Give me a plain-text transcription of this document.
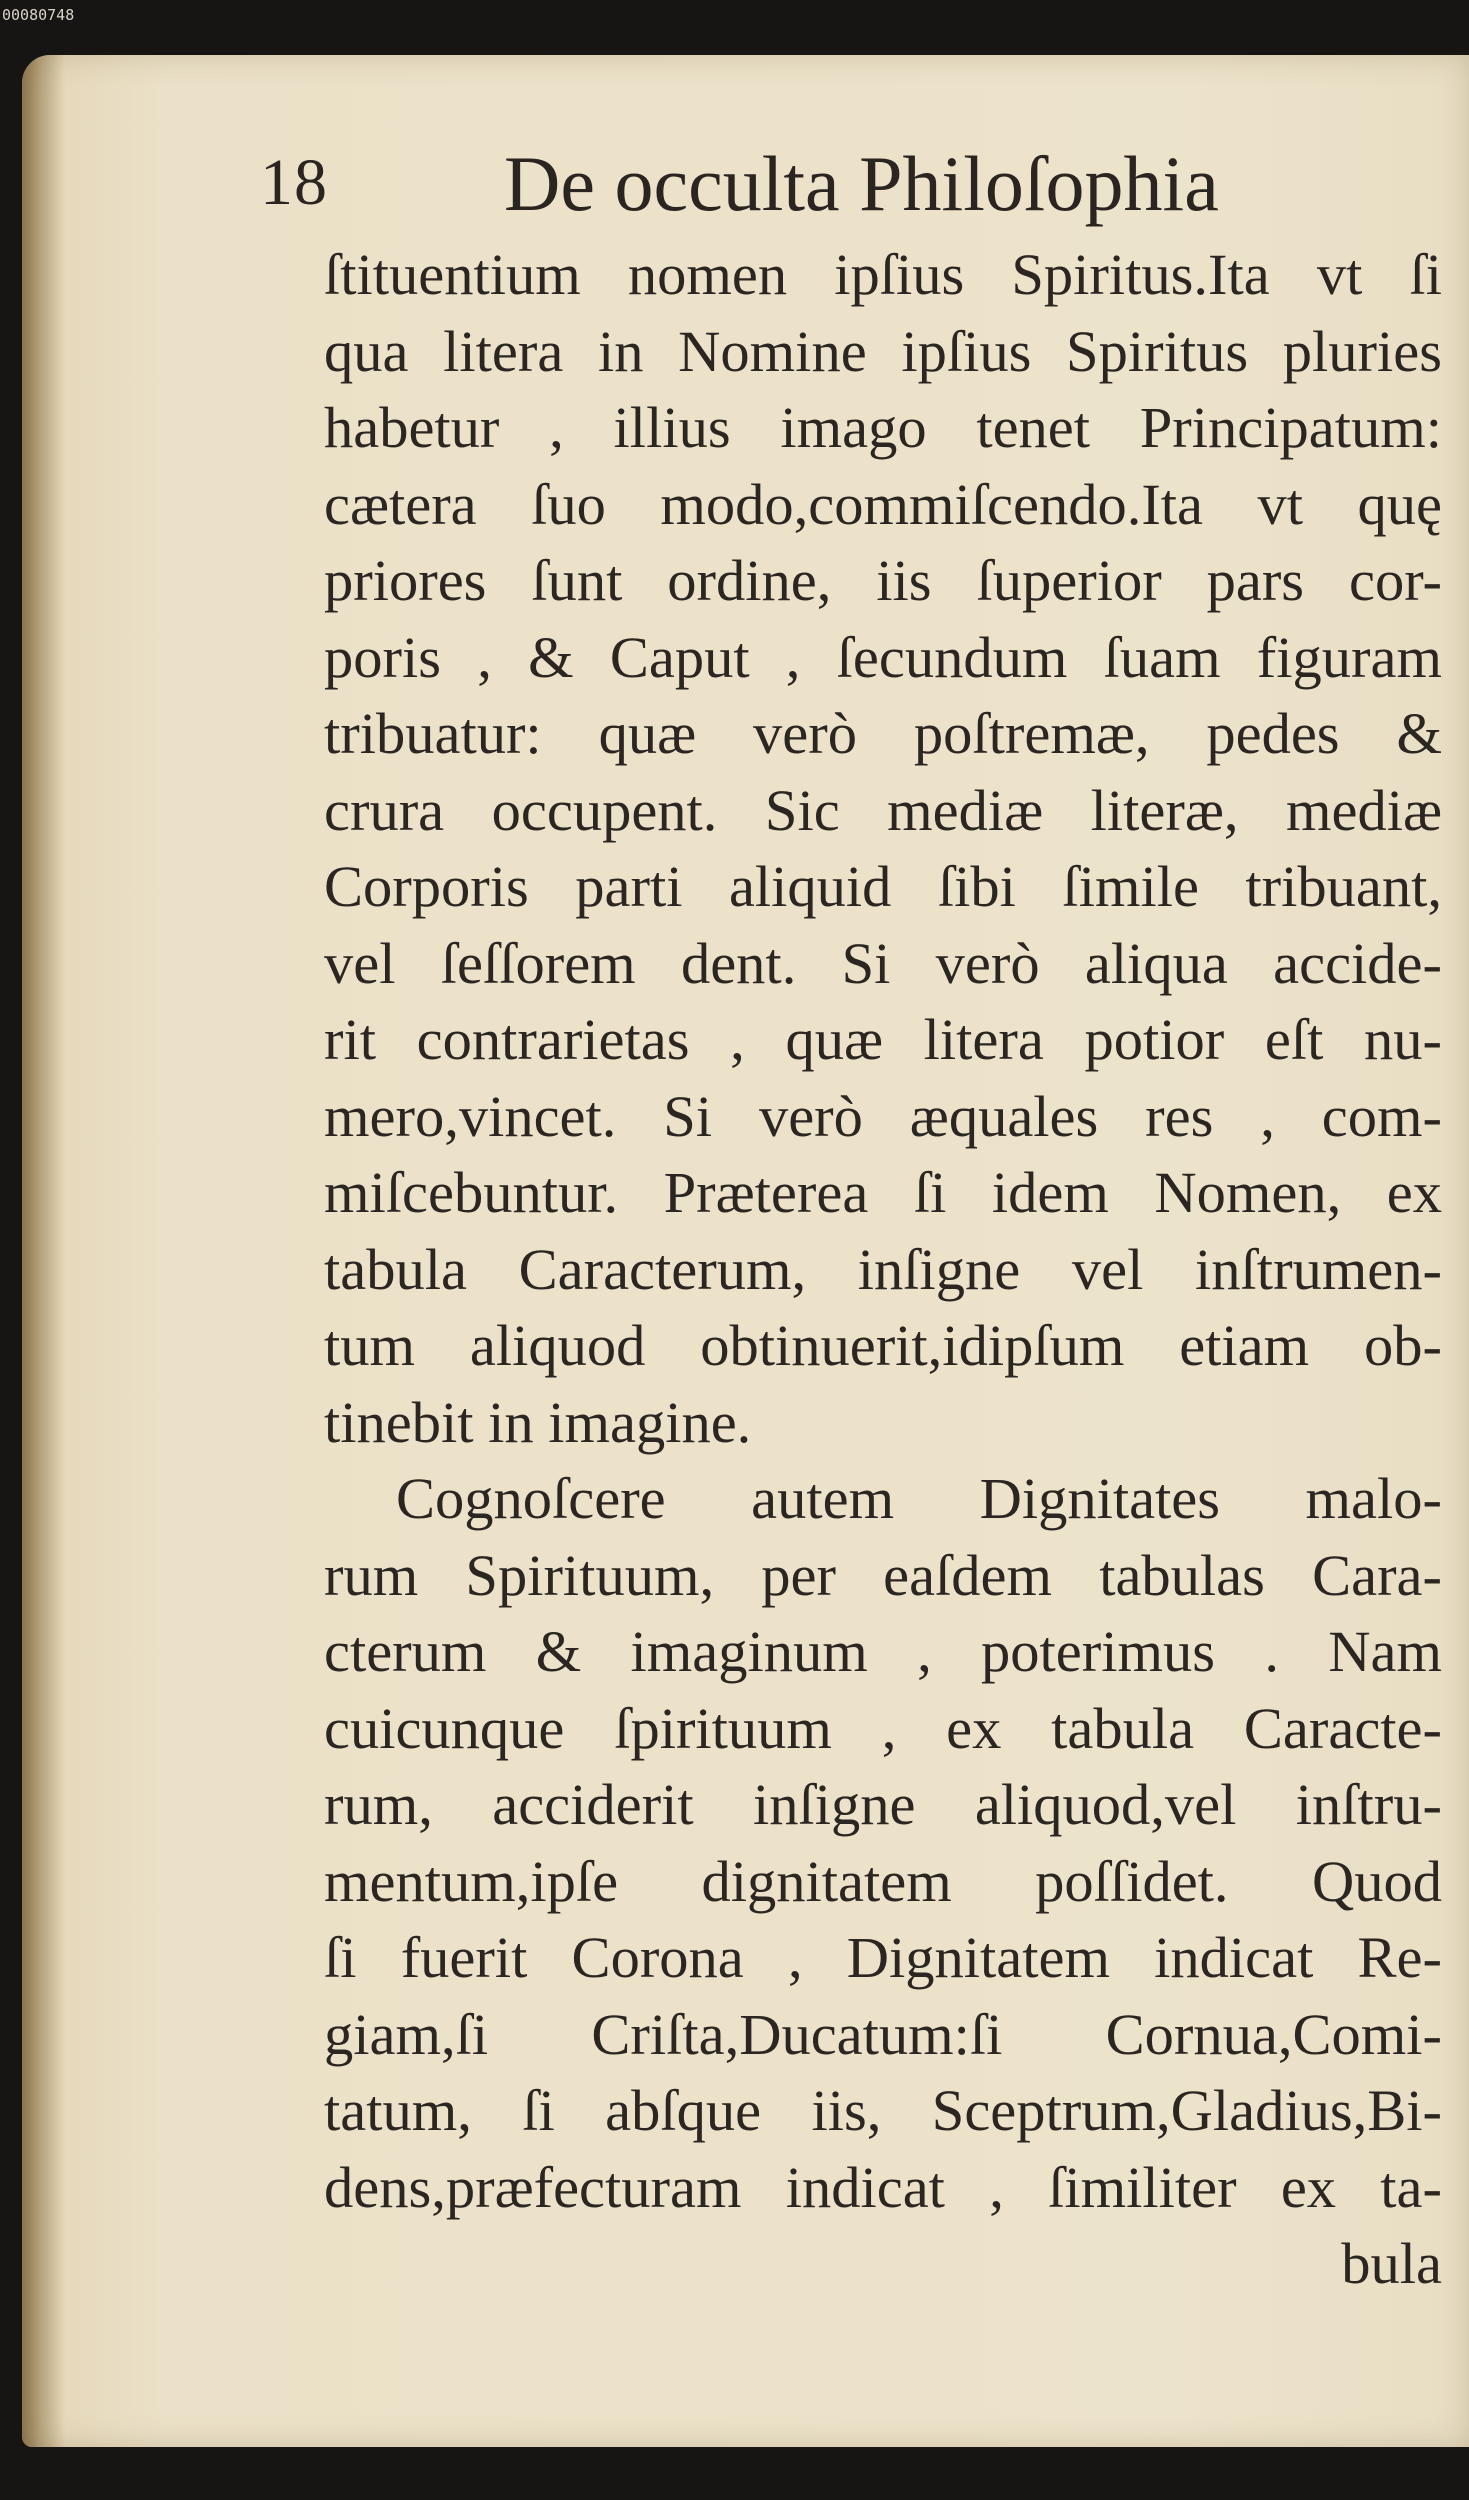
00080748
18 De occulta Philoſophia
ſtituentium nomen ipſius Spiritus.Ita vt ſi
qua litera in Nomine ipſius Spiritus pluries
habetur , illius imago tenet Principatum:
cætera ſuo modo,commiſcendo.Ita vt quę
priores ſunt ordine, iis ſuperior pars cor-
poris , & Caput , ſecundum ſuam figuram
tribuatur: quæ verò poſtremæ, pedes &
crura occupent. Sic mediæ literæ, mediæ
Corporis parti aliquid ſibi ſimile tribuant,
vel ſeſſorem dent. Si verò aliqua accide-
rit contrarietas , quæ litera potior eſt nu-
mero,vincet. Si verò æquales res , com-
miſcebuntur. Præterea ſi idem Nomen, ex
tabula Caracterum, inſigne vel inſtrumen-
tum aliquod obtinuerit,idipſum etiam ob-
tinebit in imagine.
Cognoſcere autem Dignitates malo-
rum Spirituum, per eaſdem tabulas Cara-
cterum & imaginum , poterimus . Nam
cuicunque ſpirituum , ex tabula Caracte-
rum, acciderit inſigne aliquod,vel inſtru-
mentum,ipſe dignitatem poſſidet. Quod
ſi fuerit Corona , Dignitatem indicat Re-
giam,ſi Criſta,Ducatum:ſi Cornua,Comi-
tatum, ſi abſque iis, Sceptrum,Gladius,Bi-
dens,præfecturam indicat , ſimiliter ex ta-
bula
